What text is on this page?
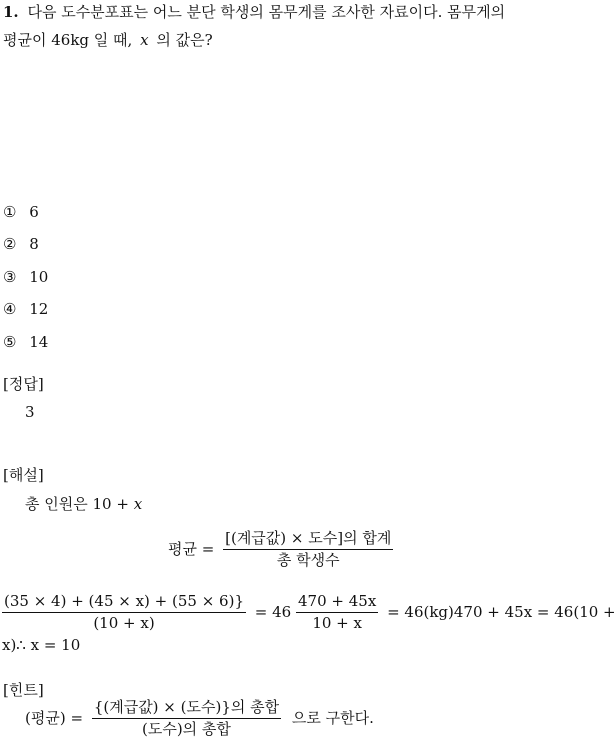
1. 다음 도수분포표는 어느 분단 학생의 몸무게를 조사한 자료이다. 몸무게의
평균이 46kg 일 때, x 의 값은?
① 6
② 8
③ 10
④ 12
⑤ 14
[정답]
3
[해설]
총 인원은 10 + x
평균 = $\frac{\text{[(계급값) × 도수]의 합계}}{\text{총 학생수}}$
$\frac{(35 \times 4) + (45 \times x) + (55 \times 6)\}}{(10 + x)} = 46 \frac{470 + 45x}{10 + x} = 46(kg)470 + 45x = 46(10$ +
x)∴ x = 10
[힌트]
(평균) = $\frac{\text{\{(계급값) × (도수)\}의 총합}}{\text{(도수)의 총합}}$ 으로 구한다.
